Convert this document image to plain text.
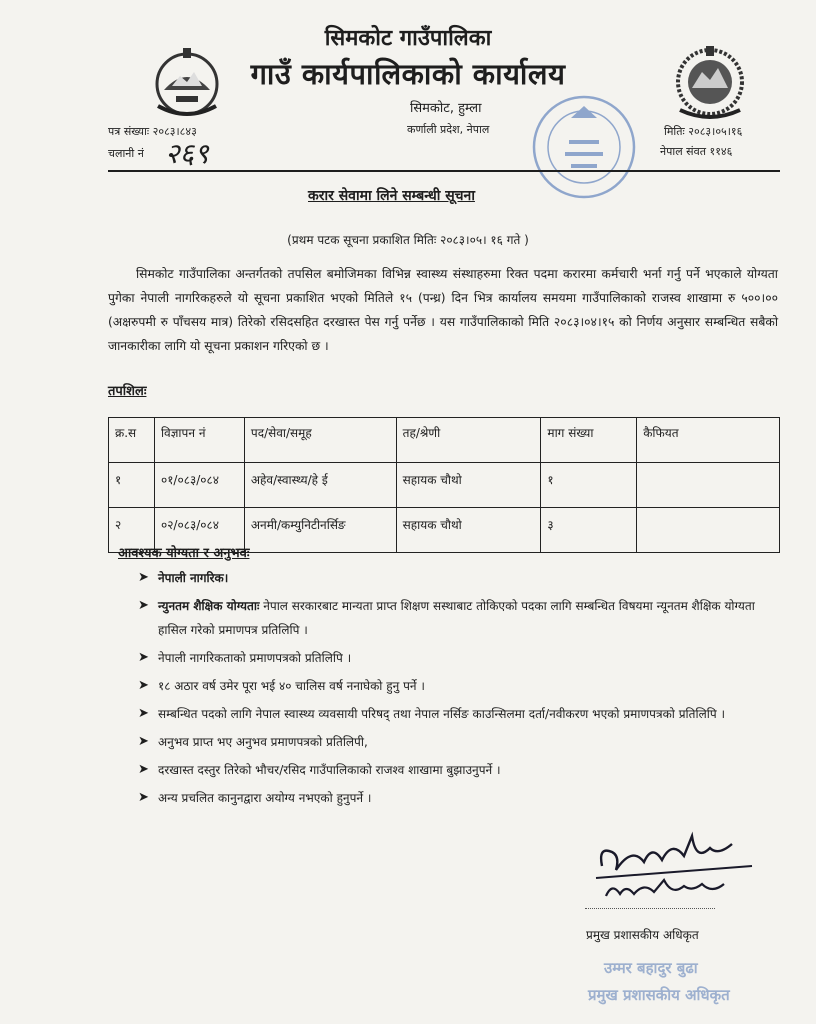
सिमकोट गाउँपालिका
गाउँ कार्यपालिकाको कार्यालय
सिमकोट, हुम्ला
कर्णाली प्रदेश, नेपाल
पत्र संख्याः २०८३।८४३
चलानी नं २६९
मितिः २०८३।०५।१६
नेपाल संवत ११४६
करार सेवामा लिने सम्बन्धी सूचना
(प्रथम पटक सूचना प्रकाशित मितिः २०८३।०५। १६ गते )
सिमकोट गाउँपालिका अन्तर्गतको तपसिल बमोजिमका विभिन्न स्वास्थ्य संस्थाहरुमा रिक्त पदमा करारमा कर्मचारी भर्ना गर्नु पर्ने भएकाले योग्यता पुगेका नेपाली नागरिकहरुले यो सूचना प्रकाशित भएको मितिले १५ (पन्ध्र) दिन भित्र कार्यालय समयमा गाउँपालिकाको राजस्व शाखामा रु ५००।०० (अक्षरुपमी रु पाँचसय मात्र) तिरेको रसिदसहित दरखास्त पेस गर्नु पर्नेछ । यस गाउँपालिकाको मिति २०८३।०४।१५ को निर्णय अनुसार सम्बन्धित सबैको जानकारीका लागि यो सूचना प्रकाशन गरिएको छ ।
तपशिलः
क्र.स	विज्ञापन नं	पद/सेवा/समूह	तह/श्रेणी	माग संख्या	कैफियत
१	०१/०८३/०८४	अहेव/स्वास्थ्य/हे ई	सहायक चौथो	१	
२	०२/०८३/०८४	अनमी/कम्युनिटीनर्सिङ	सहायक चौथो	३	
आवश्यक योग्यता र अनुभवः
➤ नेपाली नागरिक।
➤ न्युनतम शैक्षिक योग्यताः नेपाल सरकारबाट मान्यता प्राप्त शिक्षण सस्थाबाट तोकिएको पदका लागि सम्बन्धित विषयमा न्यूनतम शैक्षिक योग्यता हासिल गरेको प्रमाणपत्र प्रतिलिपि ।
➤ नेपाली नागरिकताको प्रमाणपत्रको प्रतिलिपि ।
➤ १८ अठार वर्ष उमेर पूरा भई ४० चालिस वर्ष ननाघेको हुनु पर्ने ।
➤ सम्बन्धित पदको लागि नेपाल स्वास्थ्य व्यवसायी परिषद् तथा नेपाल नर्सिङ काउन्सिलमा दर्ता/नवीकरण भएको प्रमाणपत्रको प्रतिलिपि ।
➤ अनुभव प्राप्त भए अनुभव प्रमाणपत्रको प्रतिलिपी,
➤ दरखास्त दस्तुर तिरेको भौचर/रसिद गाउँपालिकाको राजश्व शाखामा बुझाउनुपर्ने ।
➤ अन्य प्रचलित कानुनद्वारा अयोग्य नभएको हुनुपर्ने ।
प्रमुख प्रशासकीय अधिकृत
उम्मर बहादुर बुढा
प्रमुख प्रशासकीय अधिकृत
